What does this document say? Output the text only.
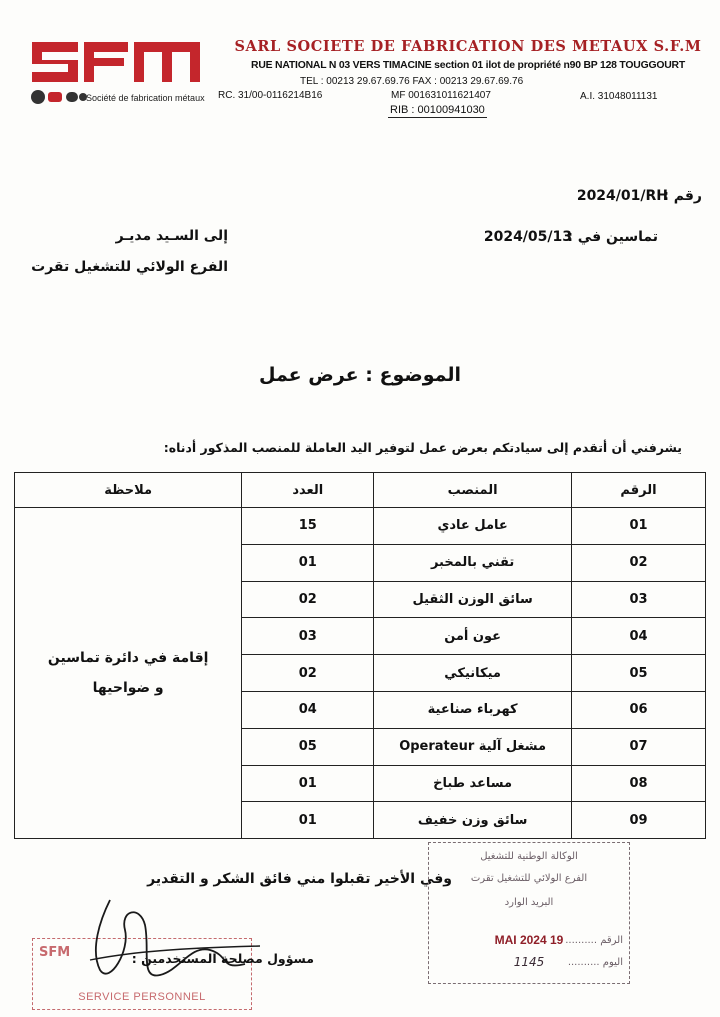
Société de fabrication métaux
SARL SOCIETE DE FABRICATION DES METAUX S.F.M
RUE NATIONAL N 03 VERS TIMACINE section 01 ilot de propriété n90 BP 128 TOUGGOURT
TEL : 00213 29.67.69.76 FAX : 00213 29.67.69.76
RC. 31/00-0116214B16	MF 001631011621407	A.I. 31048011131
RIB : 00100941030
رقم :
2024/01/RH
تماسين في :
2024/05/13
إلى السـيد مديـر
الفرع الولائي للتشغيل تقرت
الموضوع : عرض عمل
يشرفني أن أتقدم إلى سيادتكم بعرض عمل لتوفير اليد العاملة للمنصب المذكور أدناه:
الرقم	المنصب	العدد	ملاحظة
01	عامل عادي	15	إقامة في دائرة تماسين
و ضواحيها

02	تقني بالمخبر	01	
03	سائق الوزن الثقيل	02	
04	عون أمن	03	
05	ميكانيكي	02	
06	كهرباء صناعية	04	
07	مشغل آلية Operateur	05	
08	مساعد طباخ	01	
09	سائق وزن خفيف	01	
وفي الأخير تقبلوا مني فائق الشكر و التقدير
الوكالة الوطنية للتشغيل
الفرع الولائي للتشغيل تقرت
البريد الوارد
الرقم ..........
19 MAI 2024
اليوم ..........
1145
SFM
SERVICE PERSONNEL
مسؤول مصلحة المستخدمين :
